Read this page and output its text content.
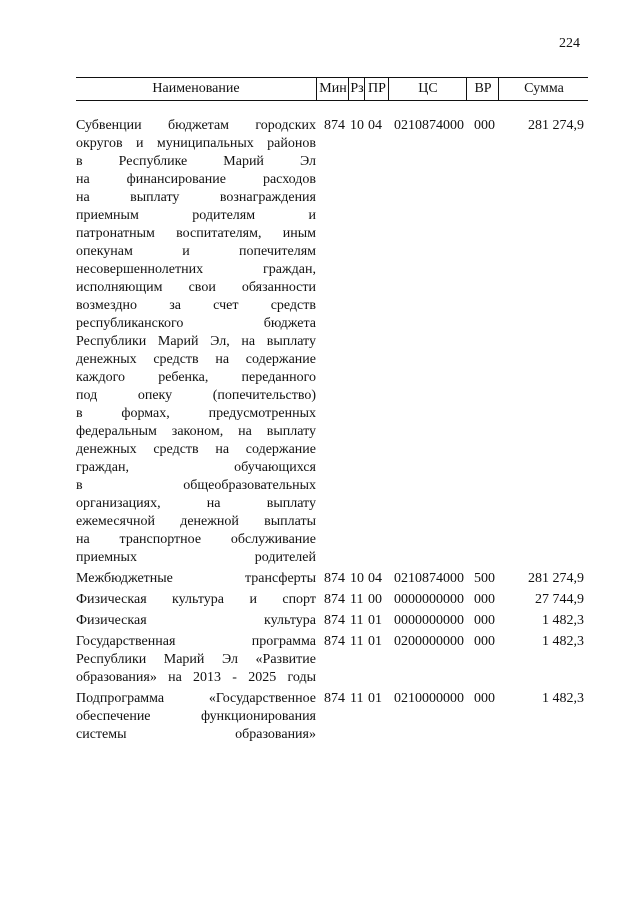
224
Наименование	Мин Рз ПР	ЦС	ВР	Сумма
Субвенции бюджетам городских
округов и муниципальных районов
в Республике Марий Эл
на финансирование расходов
на выплату вознаграждения
приемным родителям и
патронатным воспитателям, иным
опекунам и попечителям
несовершеннолетних граждан,
исполняющим свои обязанности
возмездно за счет средств
республиканского бюджета
Республики Марий Эл, на выплату
денежных средств на содержание
каждого ребенка, переданного
под опеку (попечительство)
в формах, предусмотренных
федеральным законом, на выплату
денежных средств на содержание
граждан, обучающихся
в общеобразовательных
организациях, на выплату
ежемесячной денежной выплаты
на транспортное обслуживание
приемных родителей
874 10 04 0210874000 000	281 274,9
Межбюджетные трансферты 874 10 04 0210874000 500	281 274,9
Физическая культура и спорт 874 11 00 0000000000 000	27 744,9
Физическая культура 874 11 01 0000000000 000	1 482,3
Государственная программа
Республики Марий Эл «Развитие
образования» на 2013 - 2025 годы
874 11 01 0200000000 000	1 482,3
Подпрограмма «Государственное
обеспечение функционирования
системы образования»
874 11 01 0210000000 000	1 482,3
